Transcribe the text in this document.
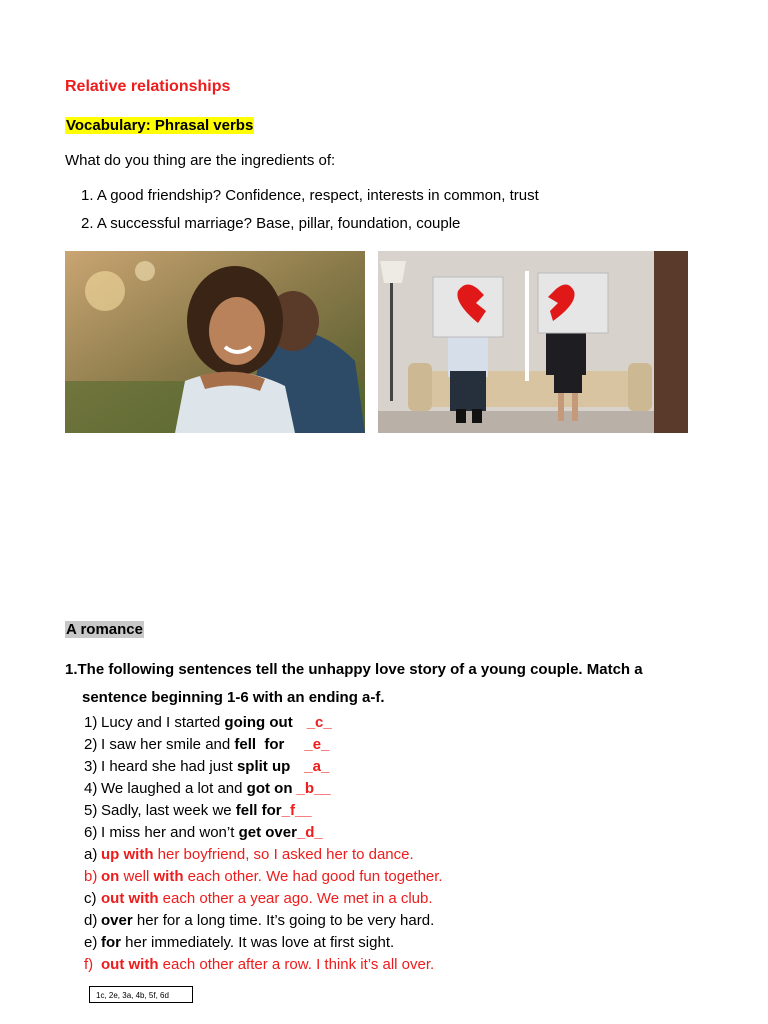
Relative relationships
Vocabulary: Phrasal verbs
What do you thing are the ingredients of:
1. A good friendship? Confidence, respect, interests in common, trust
2. A successful marriage? Base, pillar, foundation, couple
A romance
1.The following sentences tell the unhappy love story of a young couple. Match a
sentence beginning 1-6 with an ending a-f.
1) Lucy and I started going out _c_
2) I saw her smile and fell  for _e_
3) I heard she had just split up _a_
4) We laughed a lot and got on _b__
5) Sadly, last week we fell for_f__
6) I miss her and won’t get over_d_
a) up with her boyfriend, so I asked her to dance.
b) on well with each other. We had good fun together.
c) out with each other a year ago. We met in a club.
d) over her for a long time. It’s going to be very hard.
e) for her immediately. It was love at first sight.
f) out with each other after a row. I think it’s all over.
1c, 2e, 3a, 4b, 5f, 6d
